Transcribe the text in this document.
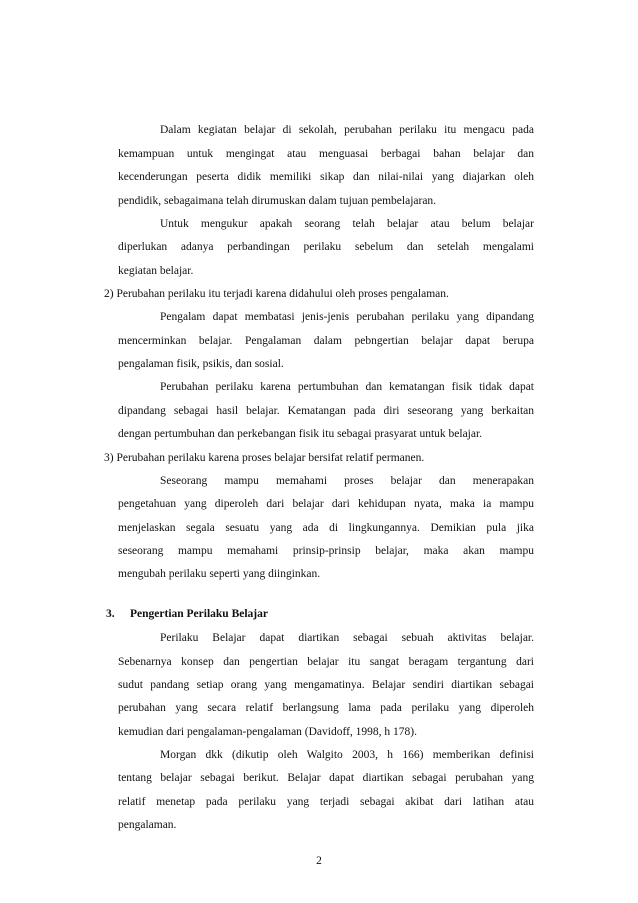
Dalam kegiatan belajar di sekolah, perubahan perilaku itu mengacu pada
kemampuan untuk mengingat atau menguasai berbagai bahan belajar dan
kecenderungan peserta didik memiliki sikap dan nilai-nilai yang diajarkan oleh
pendidik, sebagaimana telah dirumuskan dalam tujuan pembelajaran.
Untuk mengukur apakah seorang telah belajar atau belum belajar
diperlukan adanya perbandingan perilaku sebelum dan setelah mengalami
kegiatan belajar.
2) Perubahan perilaku itu terjadi karena didahului oleh proses pengalaman.
Pengalam dapat membatasi jenis-jenis perubahan perilaku yang dipandang
mencerminkan belajar. Pengalaman dalam pebngertian belajar dapat berupa
pengalaman fisik, psikis, dan sosial.
Perubahan perilaku karena pertumbuhan dan kematangan fisik tidak dapat
dipandang sebagai hasil belajar. Kematangan pada diri seseorang yang berkaitan
dengan pertumbuhan dan perkebangan fisik itu sebagai prasyarat untuk belajar.
3) Perubahan perilaku karena proses belajar bersifat relatif permanen.
Seseorang mampu memahami proses belajar dan menerapakan
pengetahuan yang diperoleh dari belajar dari kehidupan nyata, maka ia mampu
menjelaskan segala sesuatu yang ada di lingkungannya. Demikian pula jika
seseorang mampu memahami prinsip-prinsip belajar, maka akan mampu
mengubah perilaku seperti yang diinginkan.
3. Pengertian Perilaku Belajar
Perilaku Belajar dapat diartikan sebagai sebuah aktivitas belajar.
Sebenarnya konsep dan pengertian belajar itu sangat beragam tergantung dari
sudut pandang setiap orang yang mengamatinya. Belajar sendiri diartikan sebagai
perubahan yang secara relatif berlangsung lama pada perilaku yang diperoleh
kemudian dari pengalaman-pengalaman (Davidoff, 1998, h 178).
Morgan dkk (dikutip oleh Walgito 2003, h 166) memberikan definisi
tentang belajar sebagai berikut. Belajar dapat diartikan sebagai perubahan yang
relatif menetap pada perilaku yang terjadi sebagai akibat dari latihan atau
pengalaman.
2
